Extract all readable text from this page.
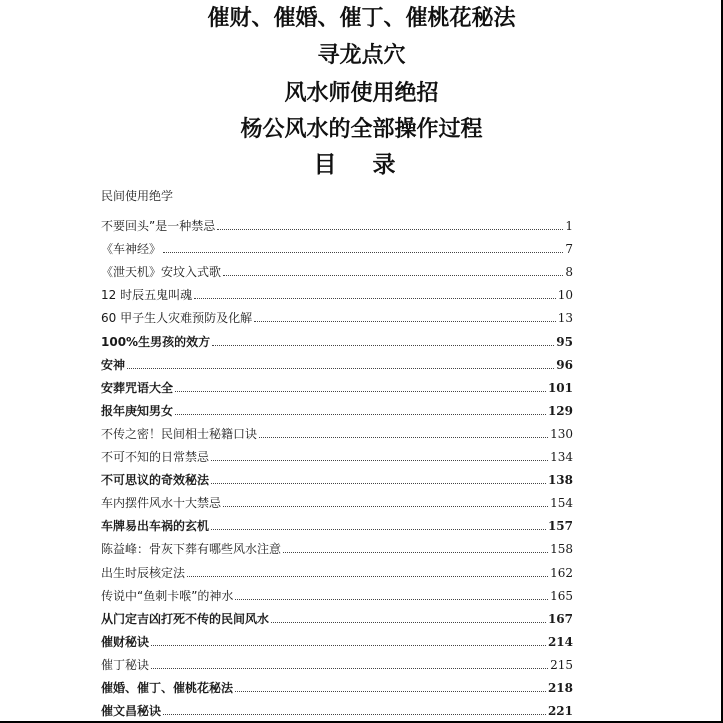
催财、催婚、催丁、催桃花秘法
寻龙点穴
风水师使用绝招
杨公风水的全部操作过程
目 录
民间使用绝学
不要回头”是一种禁忌	1
《车神经》	7
《泄天机》安坟入式歌	8
12 时辰五鬼叫魂	10
60 甲子生人灾难预防及化解	13
100%生男孩的效方	95
安神	96
安葬咒语大全	101
报年庚知男女	129
不传之密！民间相士秘籍口诀	130
不可不知的日常禁忌	134
不可思议的奇效秘法	138
车内摆件风水十大禁忌	154
车牌易出车祸的玄机	157
陈益峰：骨灰下葬有哪些风水注意	158
出生时辰核定法	162
传说中“鱼刺卡喉”的神水	165
从门定吉凶打死不传的民间风水	167
催财秘诀	214
催丁秘诀	215
催婚、催丁、催桃花秘法	218
催文昌秘诀	221
